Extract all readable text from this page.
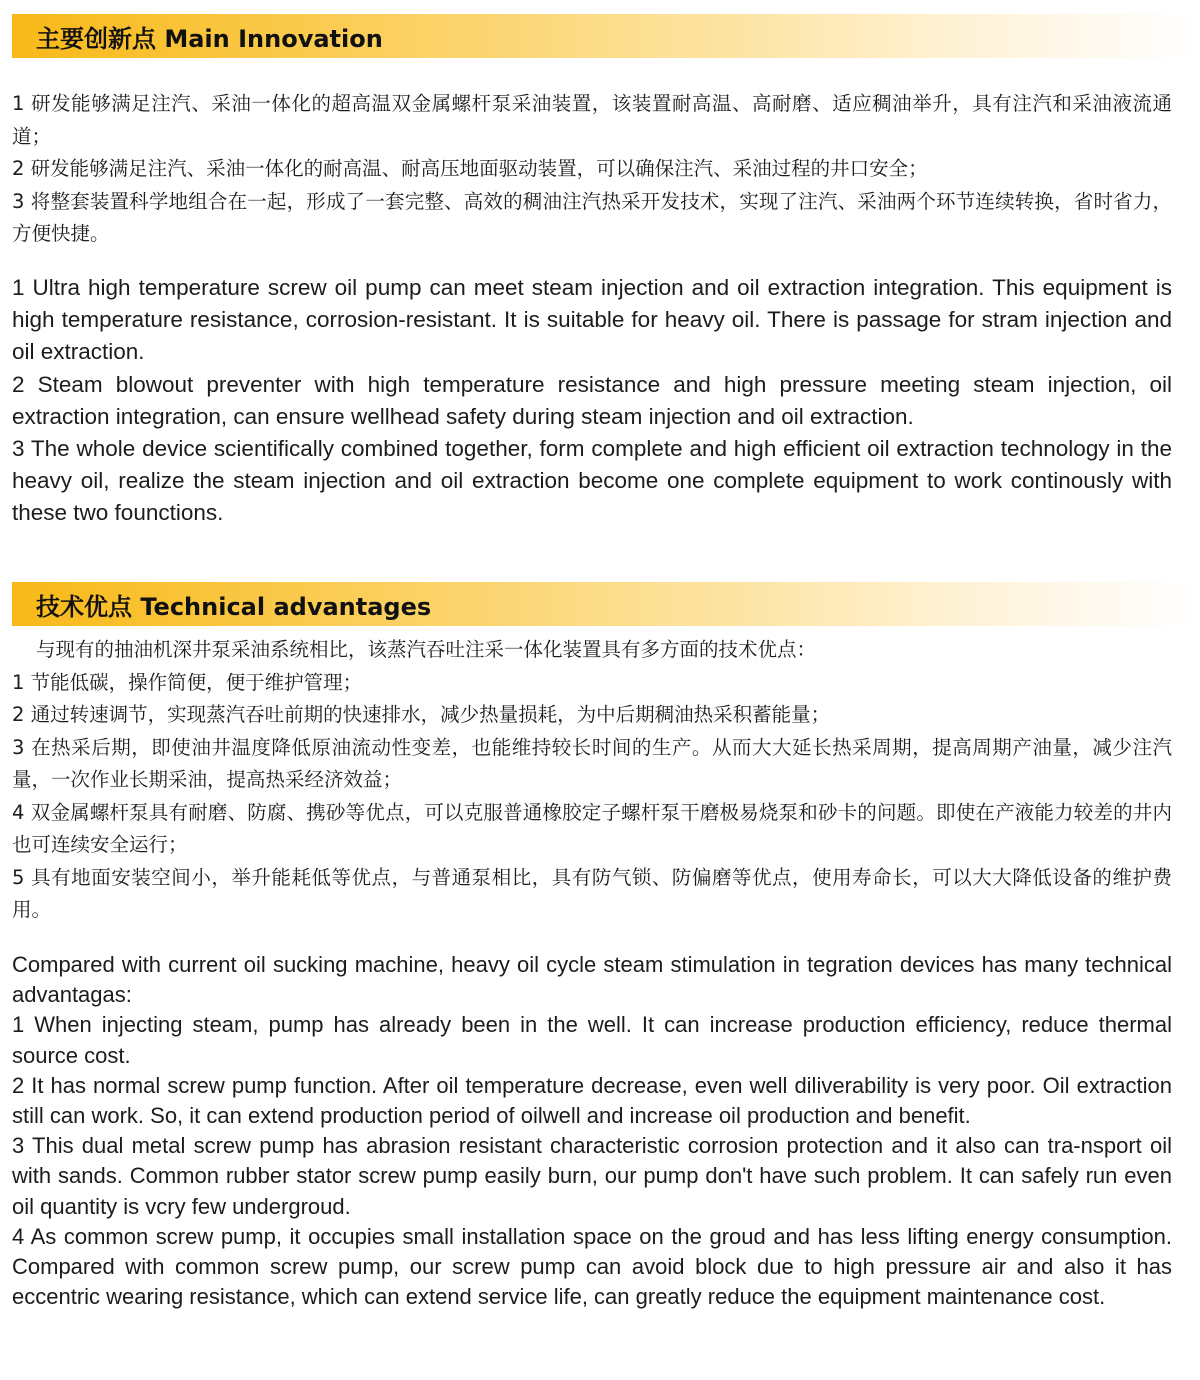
主要创新点 Main Innovation

1 研发能够满足注汽、采油一体化的超高温双金属螺杆泵采油装置，该装置耐高温、高耐磨、适应稠油举升，具有注汽和采油液流通道；

2 研发能够满足注汽、采油一体化的耐高温、耐高压地面驱动装置，可以确保注汽、采油过程的井口安全；

3 将整套装置科学地组合在一起，形成了一套完整、高效的稠油注汽热采开发技术，实现了注汽、采油两个环节连续转换，省时省力，方便快捷。

1 Ultra high temperature screw oil pump can meet steam injection and oil extraction integration. This equipment is high temperature resistance, corrosion-resistant. It is suitable for heavy oil. There is passage for stram injection and oil extraction.

2 Steam blowout preventer with high temperature resistance and high pressure meeting steam injection, oil extraction integration, can ensure wellhead safety during steam injection and oil extraction.

3 The whole device scientifically combined together, form complete and high efficient oil extraction technology in the heavy oil, realize the steam injection and oil extraction become one complete equipment to work continously with these two founctions.

技术优点 Technical advantages

与现有的抽油机深井泵采油系统相比，该蒸汽吞吐注采一体化装置具有多方面的技术优点：

1 节能低碳，操作简便，便于维护管理；

2 通过转速调节，实现蒸汽吞吐前期的快速排水，减少热量损耗，为中后期稠油热采积蓄能量；

3 在热采后期，即使油井温度降低原油流动性变差，也能维持较长时间的生产。从而大大延长热采周期，提高周期产油量，减少注汽量，一次作业长期采油，提高热采经济效益；

4 双金属螺杆泵具有耐磨、防腐、携砂等优点，可以克服普通橡胶定子螺杆泵干磨极易烧泵和砂卡的问题。即使在产液能力较差的井内也可连续安全运行；

5 具有地面安装空间小，举升能耗低等优点，与普通泵相比，具有防气锁、防偏磨等优点，使用寿命长，可以大大降低设备的维护费用。

Compared with current oil sucking machine, heavy oil cycle steam stimulation in tegration devices has many technical advantagas:

1 When injecting steam, pump has already been in the well. It can increase production efficiency, reduce thermal source cost.

2 It has normal screw pump function. After oil temperature decrease, even well diliverability is very poor. Oil extraction still can work. So, it can extend production period of oilwell and increase oil production and benefit.

3 This dual metal screw pump has abrasion resistant characteristic corrosion protection and it also can tra-nsport oil with sands. Common rubber stator screw pump easily burn, our pump don't have such problem. It can safely run even oil quantity is vcry few undergroud.

4 As common screw pump, it occupies small installation space on the groud and has less lifting energy consumption. Compared with common screw pump, our screw pump can avoid block due to high pressure air and also it has eccentric wearing resistance, which can extend service life, can greatly reduce the equipment maintenance cost.
